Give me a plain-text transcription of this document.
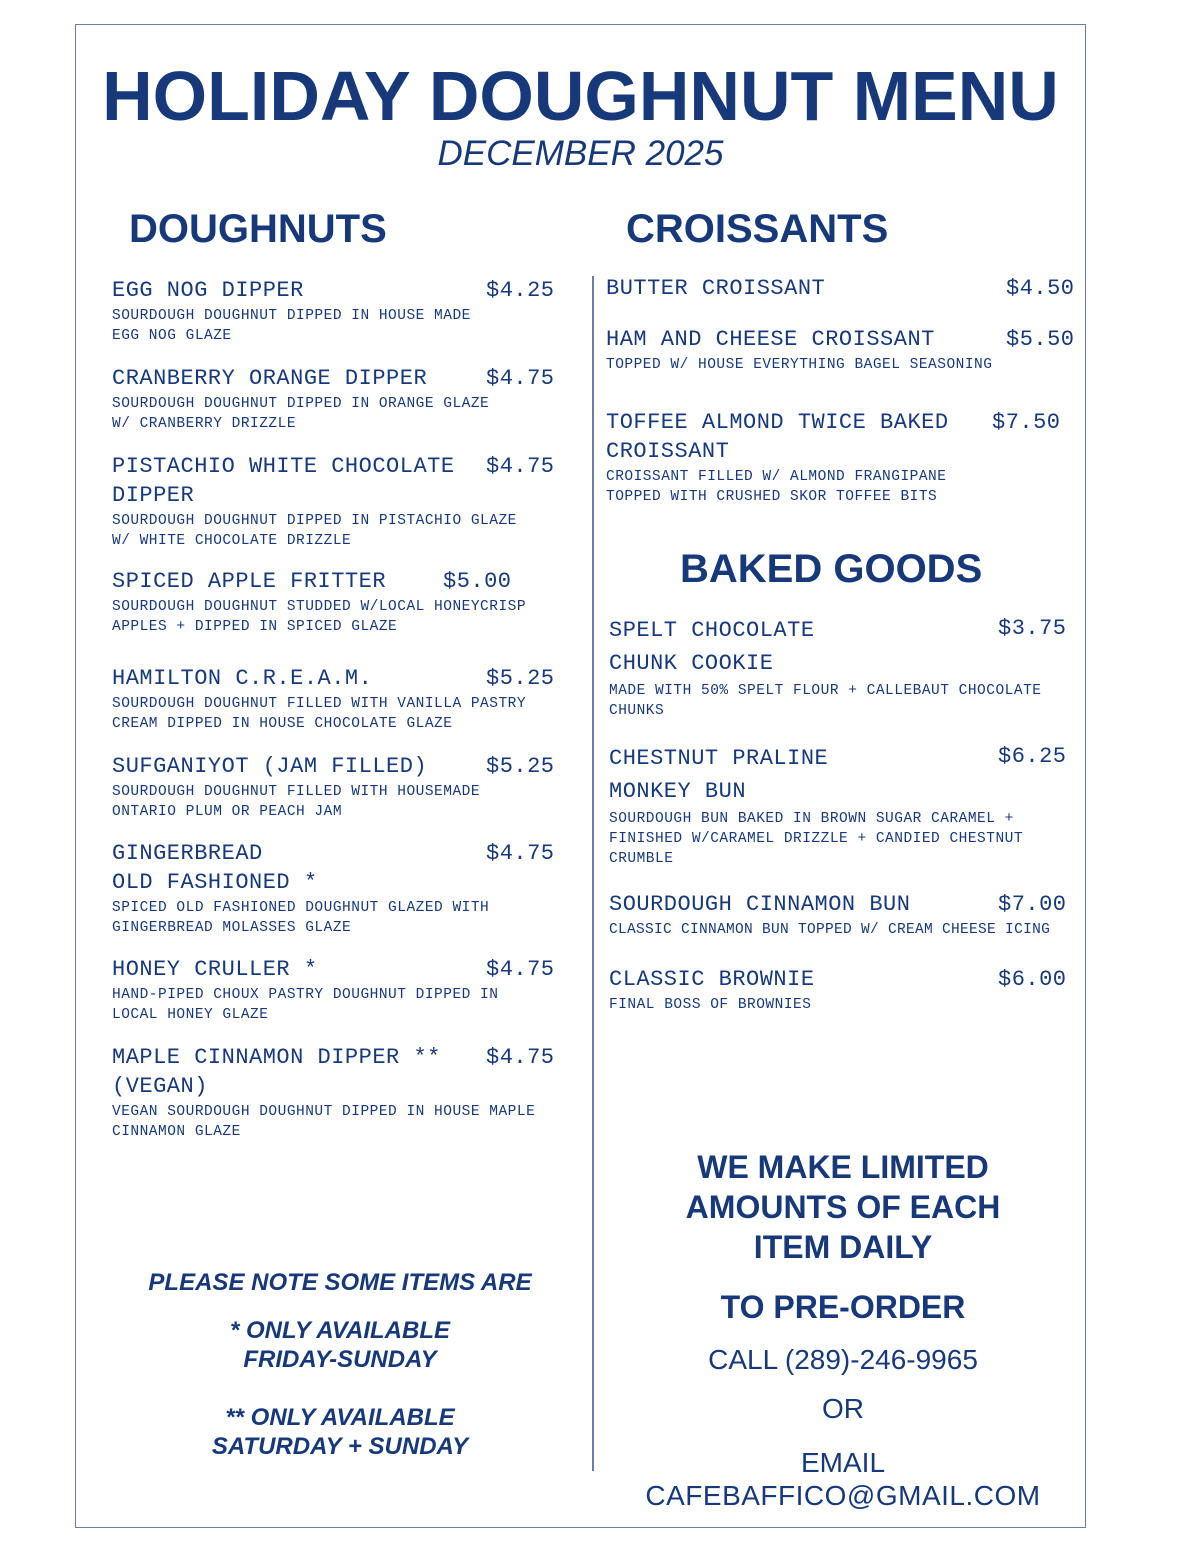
HOLIDAY DOUGHNUT MENU
DECEMBER 2025
DOUGHNUTS	CROISSANTS
EGG NOG DIPPER	$4.25
SOURDOUGH DOUGHNUT DIPPED IN HOUSE MADE
EGG NOG GLAZE
CRANBERRY ORANGE DIPPER	$4.75
SOURDOUGH DOUGHNUT DIPPED IN ORANGE GLAZE
W/ CRANBERRY DRIZZLE
PISTACHIO WHITE CHOCOLATE
DIPPER
$4.75
SOURDOUGH DOUGHNUT DIPPED IN PISTACHIO GLAZE
W/ WHITE CHOCOLATE DRIZZLE
SPICED APPLE FRITTER	$5.00
SOURDOUGH DOUGHNUT STUDDED W/LOCAL HONEYCRISP
APPLES + DIPPED IN SPICED GLAZE
HAMILTON C.R.E.A.M.	$5.25
SOURDOUGH DOUGHNUT FILLED WITH VANILLA PASTRY
CREAM DIPPED IN HOUSE CHOCOLATE GLAZE
SUFGANIYOT (JAM FILLED)	$5.25
SOURDOUGH DOUGHNUT FILLED WITH HOUSEMADE
ONTARIO PLUM OR PEACH JAM
GINGERBREAD
OLD FASHIONED *
$4.75
SPICED OLD FASHIONED DOUGHNUT GLAZED WITH
GINGERBREAD MOLASSES GLAZE
HONEY CRULLER *	$4.75
HAND-PIPED CHOUX PASTRY DOUGHNUT DIPPED IN
LOCAL HONEY GLAZE
MAPLE CINNAMON DIPPER **
(VEGAN)
$4.75
VEGAN SOURDOUGH DOUGHNUT DIPPED IN HOUSE MAPLE
CINNAMON GLAZE
BUTTER CROISSANT	$4.50
HAM AND CHEESE CROISSANT	$5.50
TOPPED W/ HOUSE EVERYTHING BAGEL SEASONING
TOFFEE ALMOND TWICE BAKED
CROISSANT
$7.50
CROISSANT FILLED W/ ALMOND FRANGIPANE
TOPPED WITH CRUSHED SKOR TOFFEE BITS
BAKED GOODS
SPELT CHOCOLATE
CHUNK COOKIE
$3.75
MADE WITH 50% SPELT FLOUR + CALLEBAUT CHOCOLATE
CHUNKS
CHESTNUT PRALINE
MONKEY BUN
$6.25
SOURDOUGH BUN BAKED IN BROWN SUGAR CARAMEL +
FINISHED W/CARAMEL DRIZZLE + CANDIED CHESTNUT
CRUMBLE
SOURDOUGH CINNAMON BUN	$7.00
CLASSIC CINNAMON BUN TOPPED W/ CREAM CHEESE ICING
CLASSIC BROWNIE	$6.00
FINAL BOSS OF BROWNIES
PLEASE NOTE SOME ITEMS ARE
* ONLY AVAILABLE
FRIDAY-SUNDAY
** ONLY AVAILABLE
SATURDAY + SUNDAY
WE MAKE LIMITED
AMOUNTS OF EACH
ITEM DAILY
TO PRE-ORDER
CALL (289)-246-9965
OR
EMAIL
CAFEBAFFICO@GMAIL.COM
